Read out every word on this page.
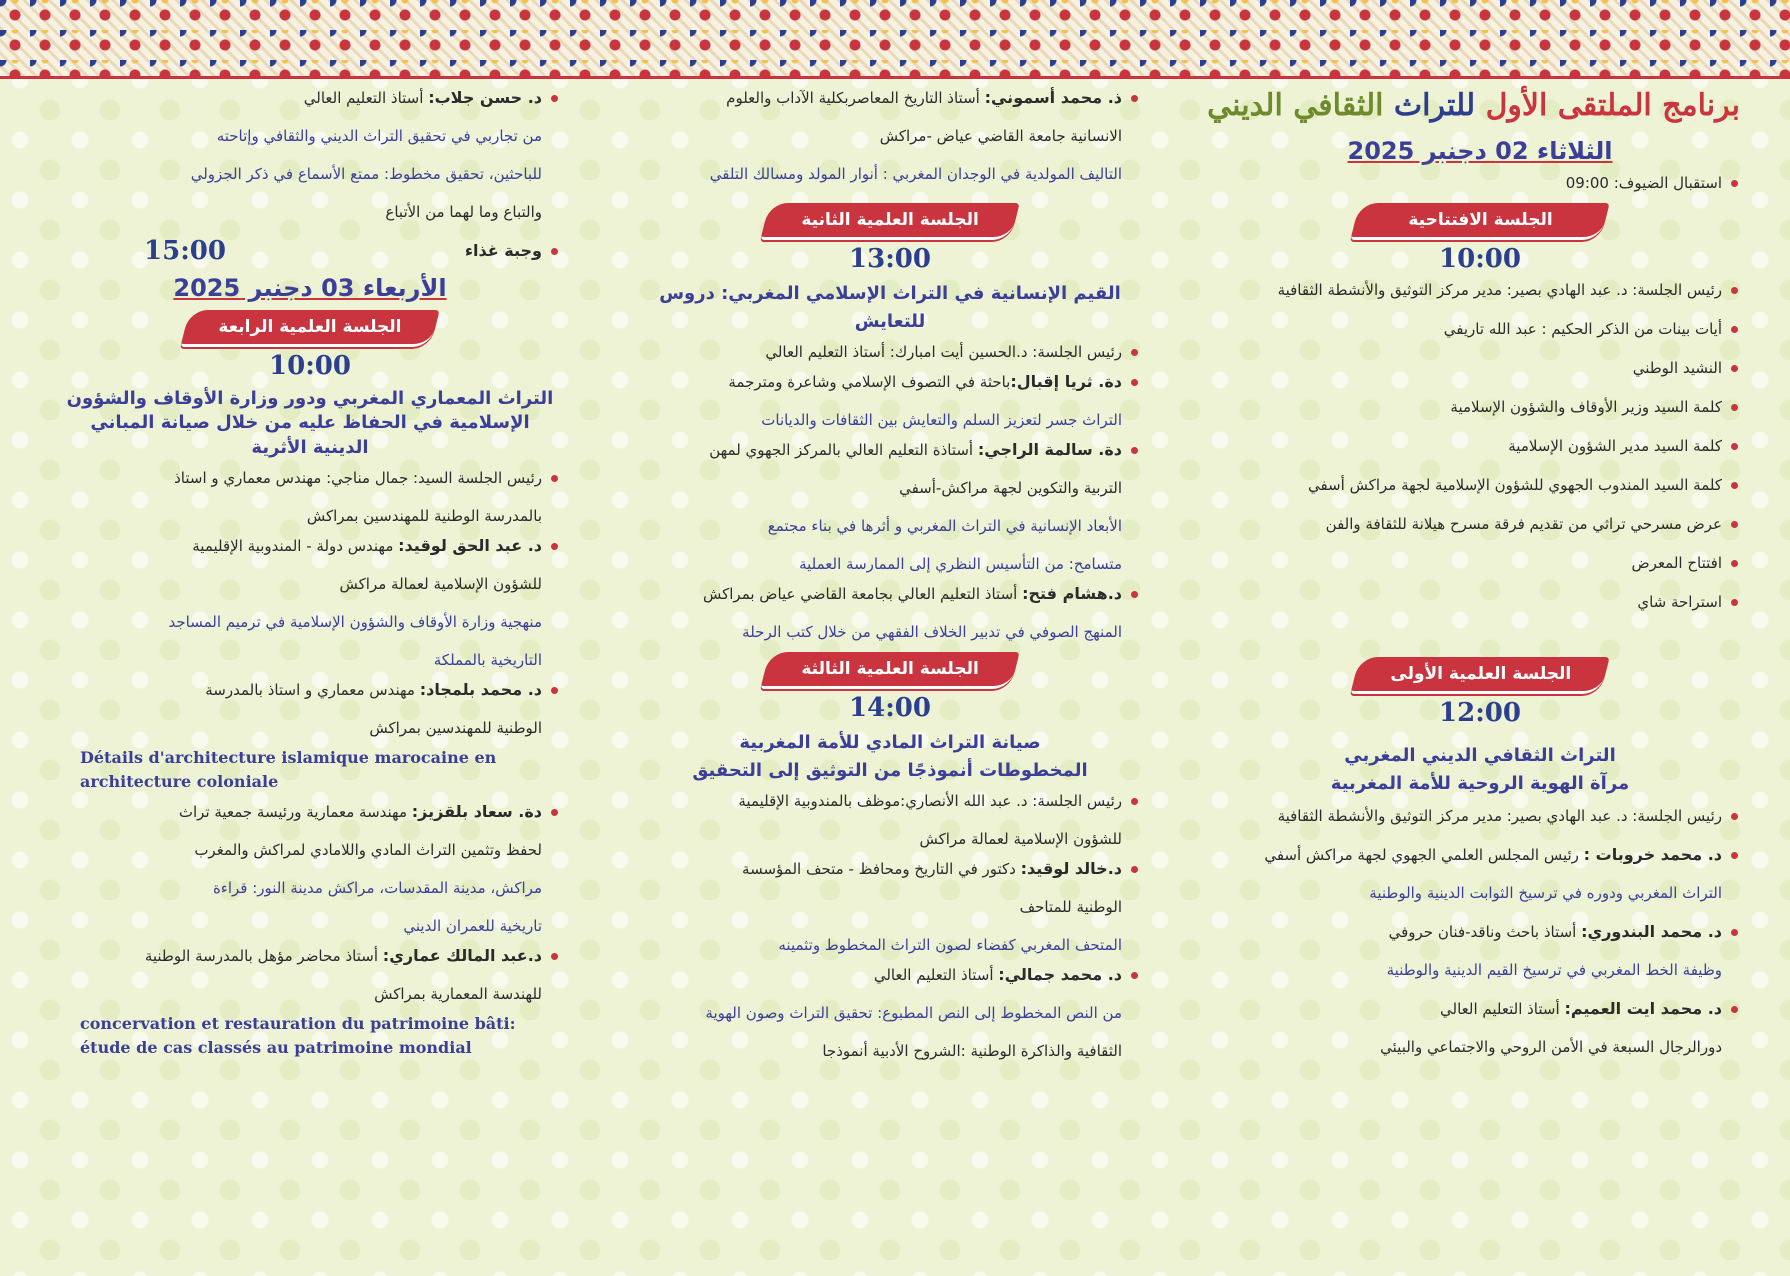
برنامج الملتقى الأول للتراث الثقافي الديني
الثلاثاء 02 دجنبر 2025
استقبال الضيوف: 09:00
الجلسة الافتتاحية
10:00
رئيس الجلسة: د. عبد الهادي بصير: مدير مركز التوثيق والأنشطة الثقافية
أيات بينات من الذكر الحكيم : عبد الله تاريفي
النشيد الوطني
كلمة السيد وزير الأوقاف والشؤون الإسلامية
كلمة السيد مدير الشؤون الإسلامية
كلمة السيد المندوب الجهوي للشؤون الإسلامية لجهة مراكش أسفي
عرض مسرحي تراثي من تقديم فرقة مسرح هيلانة للثقافة والفن
افتتاح المعرض
استراحة شاي
الجلسة العلمية الأولى
12:00
التراث الثقافي الديني المغربي
مرآة الهوية الروحية للأمة المغربية
رئيس الجلسة: د. عبد الهادي بصير: مدير مركز التوثيق والأنشطة الثقافية
د. محمد خروبات : رئيس المجلس العلمي الجهوي لجهة مراكش أسفي
التراث المغربي ودوره في ترسيخ الثوابت الدينية والوطنية
د. محمد البندوري: أستاذ باحث وناقد-فنان حروفي
وظيفة الخط المغربي في ترسيخ القيم الدينية والوطنية
د. محمد ايت العميم: أستاذ التعليم العالي
دورالرجال السبعة في الأمن الروحي والاجتماعي والبيئي
ذ. محمد أسموني: أستاذ التاريخ المعاصربكلية الآداب والعلوم
الانسانية جامعة القاضي عياض -مراكش
التاليف المولدية في الوجدان المغربي : أنوار المولد ومسالك التلقي
الجلسة العلمية الثانية
13:00
القيم الإنسانية في التراث الإسلامي المغربي: دروس للتعايش
رئيس الجلسة: د.الحسين أيت امبارك: أستاذ التعليم العالي
دة. ثريا إقبال:باحثة في التصوف الإسلامي وشاعرة ومترجمة
التراث جسر لتعزيز السلم والتعايش بين الثقافات والديانات
دة. سالمة الراجي: أستاذة التعليم العالي بالمركز الجهوي لمهن
التربية والتكوين لجهة مراكش-أسفي
الأبعاد الإنسانية في التراث المغربي و أثرها في بناء مجتمع
متسامح: من التأسيس النظري إلى الممارسة العملية
د.هشام فتح: أستاذ التعليم العالي بجامعة القاضي عياض بمراكش
المنهج الصوفي في تدبير الخلاف الفقهي من خلال كتب الرحلة
الجلسة العلمية الثالثة
14:00
صيانة التراث المادي للأمة المغربية
المخطوطات أنموذجًا من التوثيق إلى التحقيق
رئيس الجلسة: د. عبد الله الأنصاري:موظف بالمندوبية الإقليمية
للشؤون الإسلامية لعمالة مراكش
د.خالد لوقيد: دكتور في التاريخ ومحافظ - متحف المؤسسة
الوطنية للمتاحف
المتحف المغربي كفضاء لصون التراث المخطوط وتثمينه
د. محمد جمالي: أستاذ التعليم العالي
من النص المخطوط إلى النص المطبوع: تحقيق التراث وصون الهوية
الثقافية والذاكرة الوطنية :الشروح الأدبية أنموذجا
د. حسن جلاب: أستاذ التعليم العالي
من تجاربي في تحقيق التراث الديني والثقافي وإتاحته
للباحثين، تحقيق مخطوط: ممتع الأسماع في ذكر الجزولي
والتباع وما لهما من الأتباع
وجبة غذاء
15:00
الأربعاء 03 دجنبر 2025
الجلسة العلمية الرابعة
10:00
التراث المعماري المغربي ودور وزارة الأوقاف والشؤون
الإسلامية في الحفاظ عليه من خلال صيانة المباني
الدينية الأثرية
رئيس الجلسة السيد: جمال مناجي: مهندس معماري و استاذ
بالمدرسة الوطنية للمهندسين بمراكش
د. عبد الحق لوقيد: مهندس دولة - المندوبية الإقليمية
للشؤون الإسلامية لعمالة مراكش
منهجية وزارة الأوقاف والشؤون الإسلامية في ترميم المساجد
التاريخية بالمملكة
د. محمد بلمجاد: مهندس معماري و استاذ بالمدرسة
الوطنية للمهندسين بمراكش
Détails d'architecture islamique marocaine en architecture coloniale
دة. سعاد بلقزيز: مهندسة معمارية ورئيسة جمعية تراث
لحفظ وتثمين التراث المادي واللامادي لمراكش والمغرب
مراكش، مدينة المقدسات، مراكش مدينة النور: قراءة
تاريخية للعمران الديني
د.عبد المالك عماري: أستاذ محاضر مؤهل بالمدرسة الوطنية
للهندسة المعمارية بمراكش
concervation et restauration du patrimoine bâti: étude de cas classés au patrimoine mondial
